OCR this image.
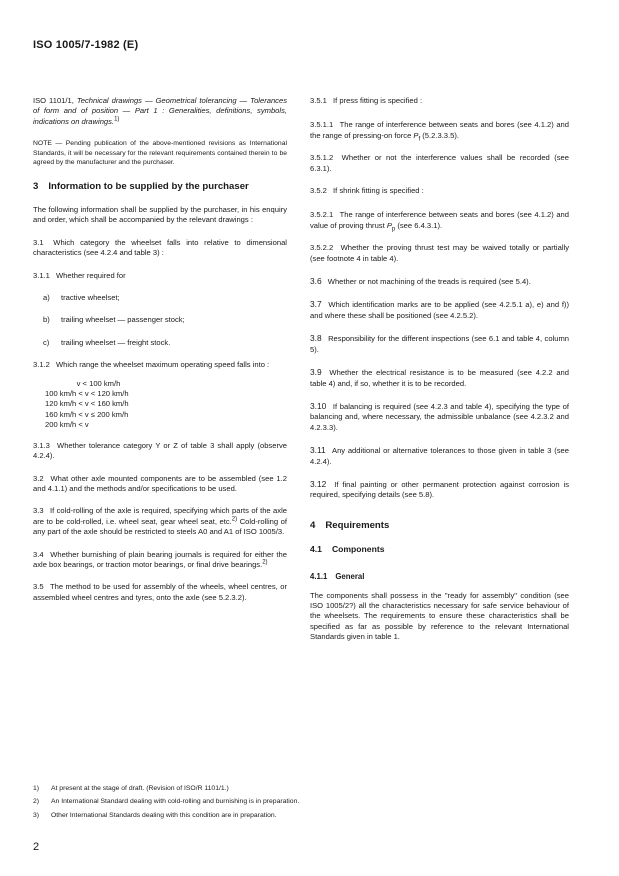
ISO 1005/7-1982 (E)

ISO 1101/1, Technical drawings — Geometrical tolerancing — Tolerances of form and of position — Part 1 : Generalities, definitions, symbols, indications on drawings.$^{1)}$

NOTE — Pending publication of the above-mentioned revisions as International Standards, it will be necessary for the relevant requirements contained therein to be agreed by the manufacturer and the purchaser.

3 Information to be supplied by the purchaser

The following information shall be supplied by the purchaser, in his enquiry and order, which shall be accompanied by the relevant drawings :

3.1 Which category the wheelset falls into relative to dimensional characteristics (see 4.2.4 and table 3) :

3.1.1 Whether required for

a)	tractive wheelset;
b)	trailing wheelset — passenger stock;
c)	trailing wheelset — freight stock.

3.1.2 Which range the wheelset maximum operating speed falls into :

v < 100 km/h
100 km/h < v < 120 km/h
120 km/h < v < 160 km/h
160 km/h < v ≤ 200 km/h
200 km/h < v

3.1.3 Whether tolerance category Y or Z of table 3 shall apply (observe 4.2.4).

3.2 What other axle mounted components are to be assembled (see 1.2 and 4.1.1) and the methods and/or specifications to be used.

3.3 If cold-rolling of the axle is required, specifying which parts of the axle are to be cold-rolled, i.e. wheel seat, gear wheel seat, etc.$^{2)}$ Cold-rolling of any part of the axle should be restricted to steels A0 and A1 of ISO 1005/3.

3.4 Whether burnishing of plain bearing journals is required for either the axle box bearings, or traction motor bearings, or final drive bearings.$^{2)}$

3.5 The method to be used for assembly of the wheels, wheel centres, or assembled wheel centres and tyres, onto the axle (see 5.2.3.2).

3.5.1 If press fitting is specified :

3.5.1.1 The range of interference between seats and bores (see 4.1.2) and the range of pressing-on force $P_f$ (5.2.3.3.5).

3.5.1.2 Whether or not the interference values shall be recorded (see 6.3.1).

3.5.2 If shrink fitting is specified :

3.5.2.1 The range of interference between seats and bores (see 4.1.2) and value of proving thrust $P_p$ (see 6.4.3.1).

3.5.2.2 Whether the proving thrust test may be waived totally or partially (see footnote 4 in table 4).

3.6 Whether or not machining of the treads is required (see 5.4).

3.7 Which identification marks are to be applied (see 4.2.5.1 a), e) and f)) and where these shall be positioned (see 4.2.5.2).

3.8 Responsibility for the different inspections (see 6.1 and table 4, column 5).

3.9 Whether the electrical resistance is to be measured (see 4.2.2 and table 4) and, if so, whether it is to be recorded.

3.10 If balancing is required (see 4.2.3 and table 4), specifying the type of balancing and, where necessary, the admissible unbalance (see 4.2.3.2 and 4.2.3.3).

3.11 Any additional or alternative tolerances to those given in table 3 (see 4.2.4).

3.12 If final painting or other permanent protection against corrosion is required, specifying details (see 5.8).

4 Requirements
4.1 Components
4.1.1 General

The components shall possess in the "ready for assembly" condition (see ISO 1005/2?) all the characteristics necessary for safe service behaviour of the wheelsets. The requirements to ensure these characteristics shall be specified as far as possible by reference to the relevant International Standards given in table 1.

1)	At present at the stage of draft. (Revision of ISO/R 1101/1.)
2)	An International Standard dealing with cold-rolling and burnishing is in preparation.
3)	Other International Standards dealing with this condition are in preparation.
2
